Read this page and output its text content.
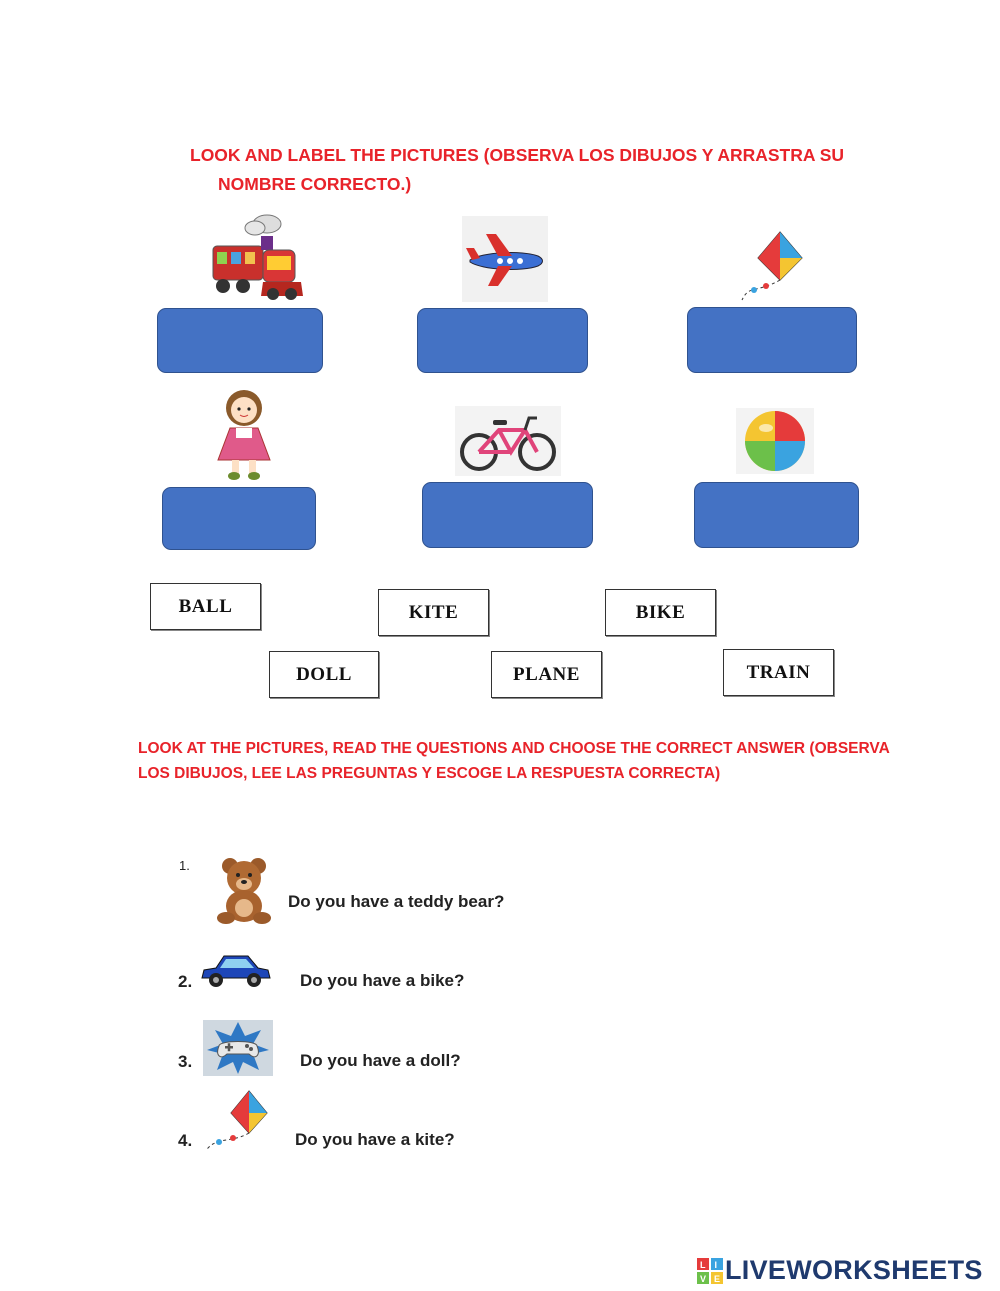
LOOK AND LABEL THE PICTURES (OBSERVA LOS DIBUJOS Y ARRASTRA SU

NOMBRE CORRECTO.)

BALL	KITE	BIKE
DOLL	PLANE	TRAIN

LOOK AT THE PICTURES, READ THE QUESTIONS AND CHOOSE THE CORRECT ANSWER (OBSERVA

LOS DIBUJOS, LEE LAS PREGUNTAS Y ESCOGE LA RESPUESTA CORRECTA)

1.
Do you have a teddy bear?
2.	Do you have a bike?
3.	Do you have a doll?
4.	Do you have a kite?
L I
V E LIVEWORKSHEETS
